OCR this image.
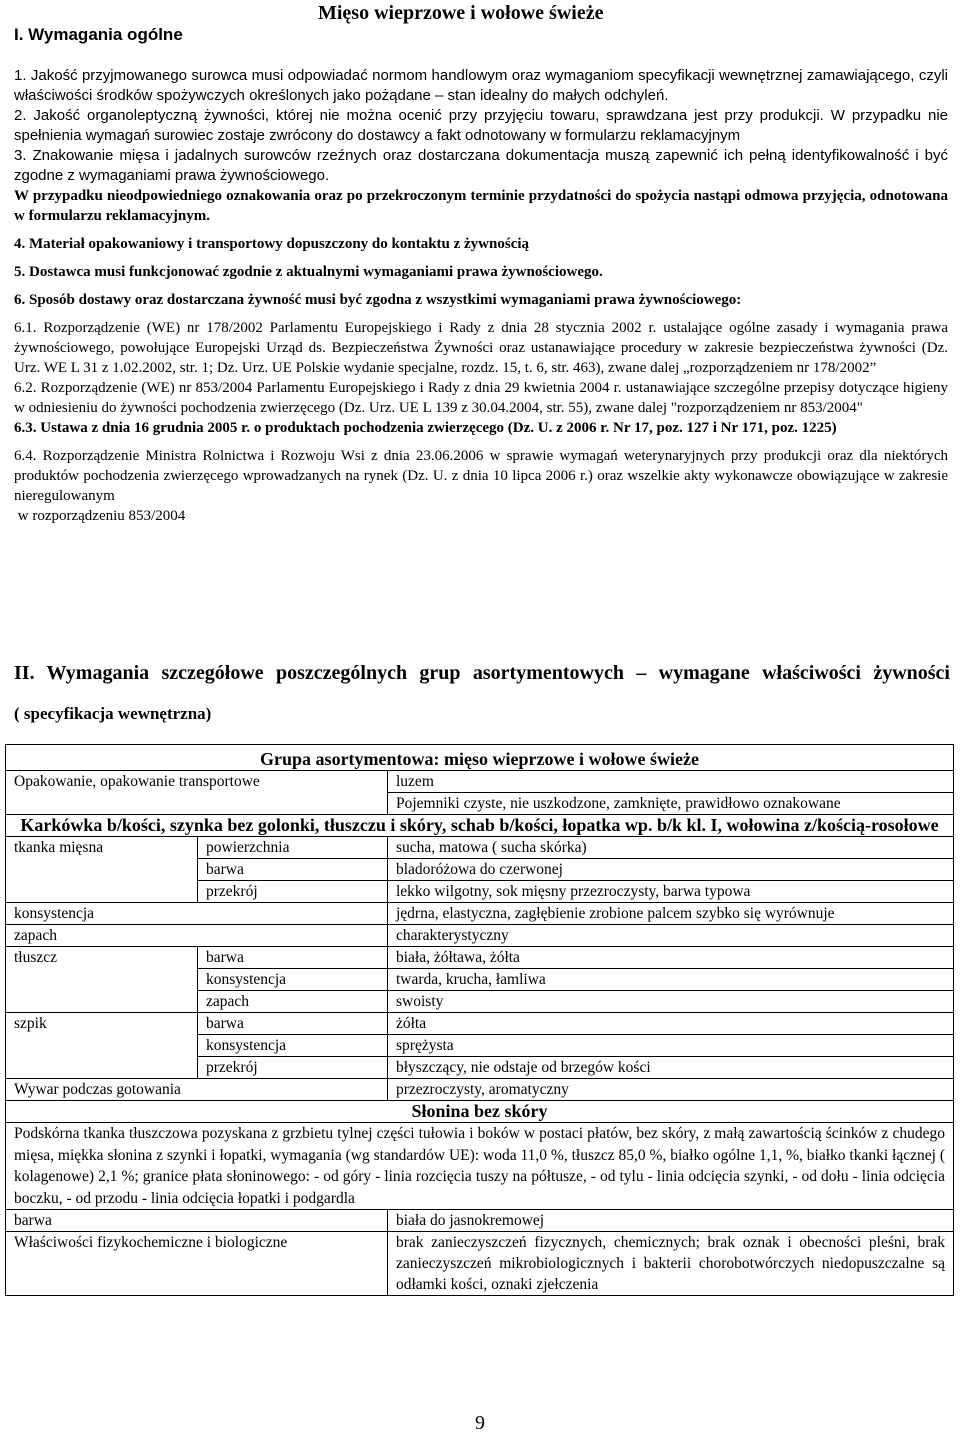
I. Wymagania ogólne
Mięso wieprzowe i wołowe świeże

1. Jakość przyjmowanego surowca musi odpowiadać normom handlowym oraz wymaganiom specyfikacji wewnętrznej zamawiającego, czyli właściwości środków spożywczych określonych jako pożądane – stan idealny do małych odchyleń.

2. Jakość organoleptyczną żywności, której nie można ocenić przy przyjęciu towaru, sprawdzana jest przy produkcji. W przypadku nie spełnienia wymagań surowiec zostaje zwrócony do dostawcy a fakt odnotowany w formularzu reklamacyjnym

3. Znakowanie mięsa i jadalnych surowców rzeźnych oraz dostarczana dokumentacja muszą zapewnić ich pełną identyfikowalność i być zgodne z wymaganiami prawa żywnościowego.

W przypadku nieodpowiedniego oznakowania oraz po przekroczonym terminie przydatności do spożycia nastąpi odmowa przyjęcia, odnotowana w formularzu reklamacyjnym.

4. Materiał opakowaniowy i transportowy dopuszczony do kontaktu z żywnością

5. Dostawca musi funkcjonować zgodnie z aktualnymi wymaganiami prawa żywnościowego.

6. Sposób dostawy oraz dostarczana żywność musi być zgodna z wszystkimi wymaganiami prawa żywnościowego:

6.1. Rozporządzenie (WE) nr 178/2002 Parlamentu Europejskiego i Rady z dnia 28 stycznia 2002 r. ustalające ogólne zasady i wymagania prawa żywnościowego, powołujące Europejski Urząd ds. Bezpieczeństwa Żywności oraz ustanawiające procedury w zakresie bezpieczeństwa żywności (Dz. Urz. WE L 31 z 1.02.2002, str. 1; Dz. Urz. UE Polskie wydanie specjalne, rozdz. 15, t. 6, str. 463), zwane dalej „rozporządzeniem nr 178/2002”

6.2. Rozporządzenie (WE) nr 853/2004 Parlamentu Europejskiego i Rady z dnia 29 kwietnia 2004 r. ustanawiające szczególne przepisy dotyczące higieny w odniesieniu do żywności pochodzenia zwierzęcego (Dz. Urz. UE L 139 z 30.04.2004, str. 55), zwane dalej "rozporządzeniem nr 853/2004"

6.3. Ustawa z dnia 16 grudnia 2005 r. o produktach pochodzenia zwierzęcego (Dz. U. z 2006 r. Nr 17, poz. 127 i Nr 171, poz. 1225)

6.4. Rozporządzenie Ministra Rolnictwa i Rozwoju Wsi z dnia 23.06.2006 w sprawie wymagań weterynaryjnych przy produkcji oraz dla niektórych produktów pochodzenia zwierzęcego wprowadzanych na rynek (Dz. U. z dnia 10 lipca 2006 r.) oraz wszelkie akty wykonawcze obowiązujące w zakresie nieregulowanym

w rozporządzeniu 853/2004

II. Wymagania szczegółowe poszczególnych grup asortymentowych – wymagane właściwości żywności
( specyfikacja wewnętrzna)
Grupa asortymentowa: mięso wieprzowe i wołowe świeże		
Opakowanie, opakowanie transportowe		luzem
		Pojemniki czyste, nie uszkodzone, zamknięte, prawidłowo oznakowane
Karkówka b/kości, szynka bez golonki, tłuszczu i skóry, schab b/kości, łopatka wp. b/k kl. I, wołowina z/kością-rosołowe		
tkanka mięsna	powierzchnia	sucha, matowa ( sucha skórka)
	barwa	bladoróżowa do czerwonej
	przekrój	lekko wilgotny, sok mięsny przezroczysty, barwa typowa
konsystencja		jędrna, elastyczna, zagłębienie zrobione palcem szybko się wyrównuje
zapach		charakterystyczny
tłuszcz	barwa	biała, żółtawa, żółta
	konsystencja	twarda, krucha, łamliwa
	zapach	swoisty
szpik	barwa	żółta
	konsystencja	sprężysta
	przekrój	błyszczący, nie odstaje od brzegów kości
Wywar podczas gotowania		przezroczysty, aromatyczny
Słonina bez skóry		
Podskórna tkanka tłuszczowa pozyskana z grzbietu tylnej części tułowia i boków w postaci płatów, bez skóry, z małą zawartością ścinków z chudego mięsa, miękka słonina z szynki i łopatki, wymagania (wg standardów UE): woda 11,0 %, tłuszcz 85,0 %, białko ogólne 1,1, %, białko tkanki łącznej ( kolagenowe) 2,1 %; granice płata słoninowego: - od góry - linia rozcięcia tuszy na półtusze, - od tylu - linia odcięcia szynki, - od dołu - linia odcięcia boczku, - od przodu - linia odcięcia łopatki i podgardla		
barwa		biała do jasnokremowej
Właściwości fizykochemiczne i biologiczne		brak zanieczyszczeń fizycznych, chemicznych; brak oznak i obecności pleśni, brak zanieczyszczeń mikrobiologicznych i bakterii chorobotwórczych niedopuszczalne są odłamki kości, oznaki zjełczenia
9
